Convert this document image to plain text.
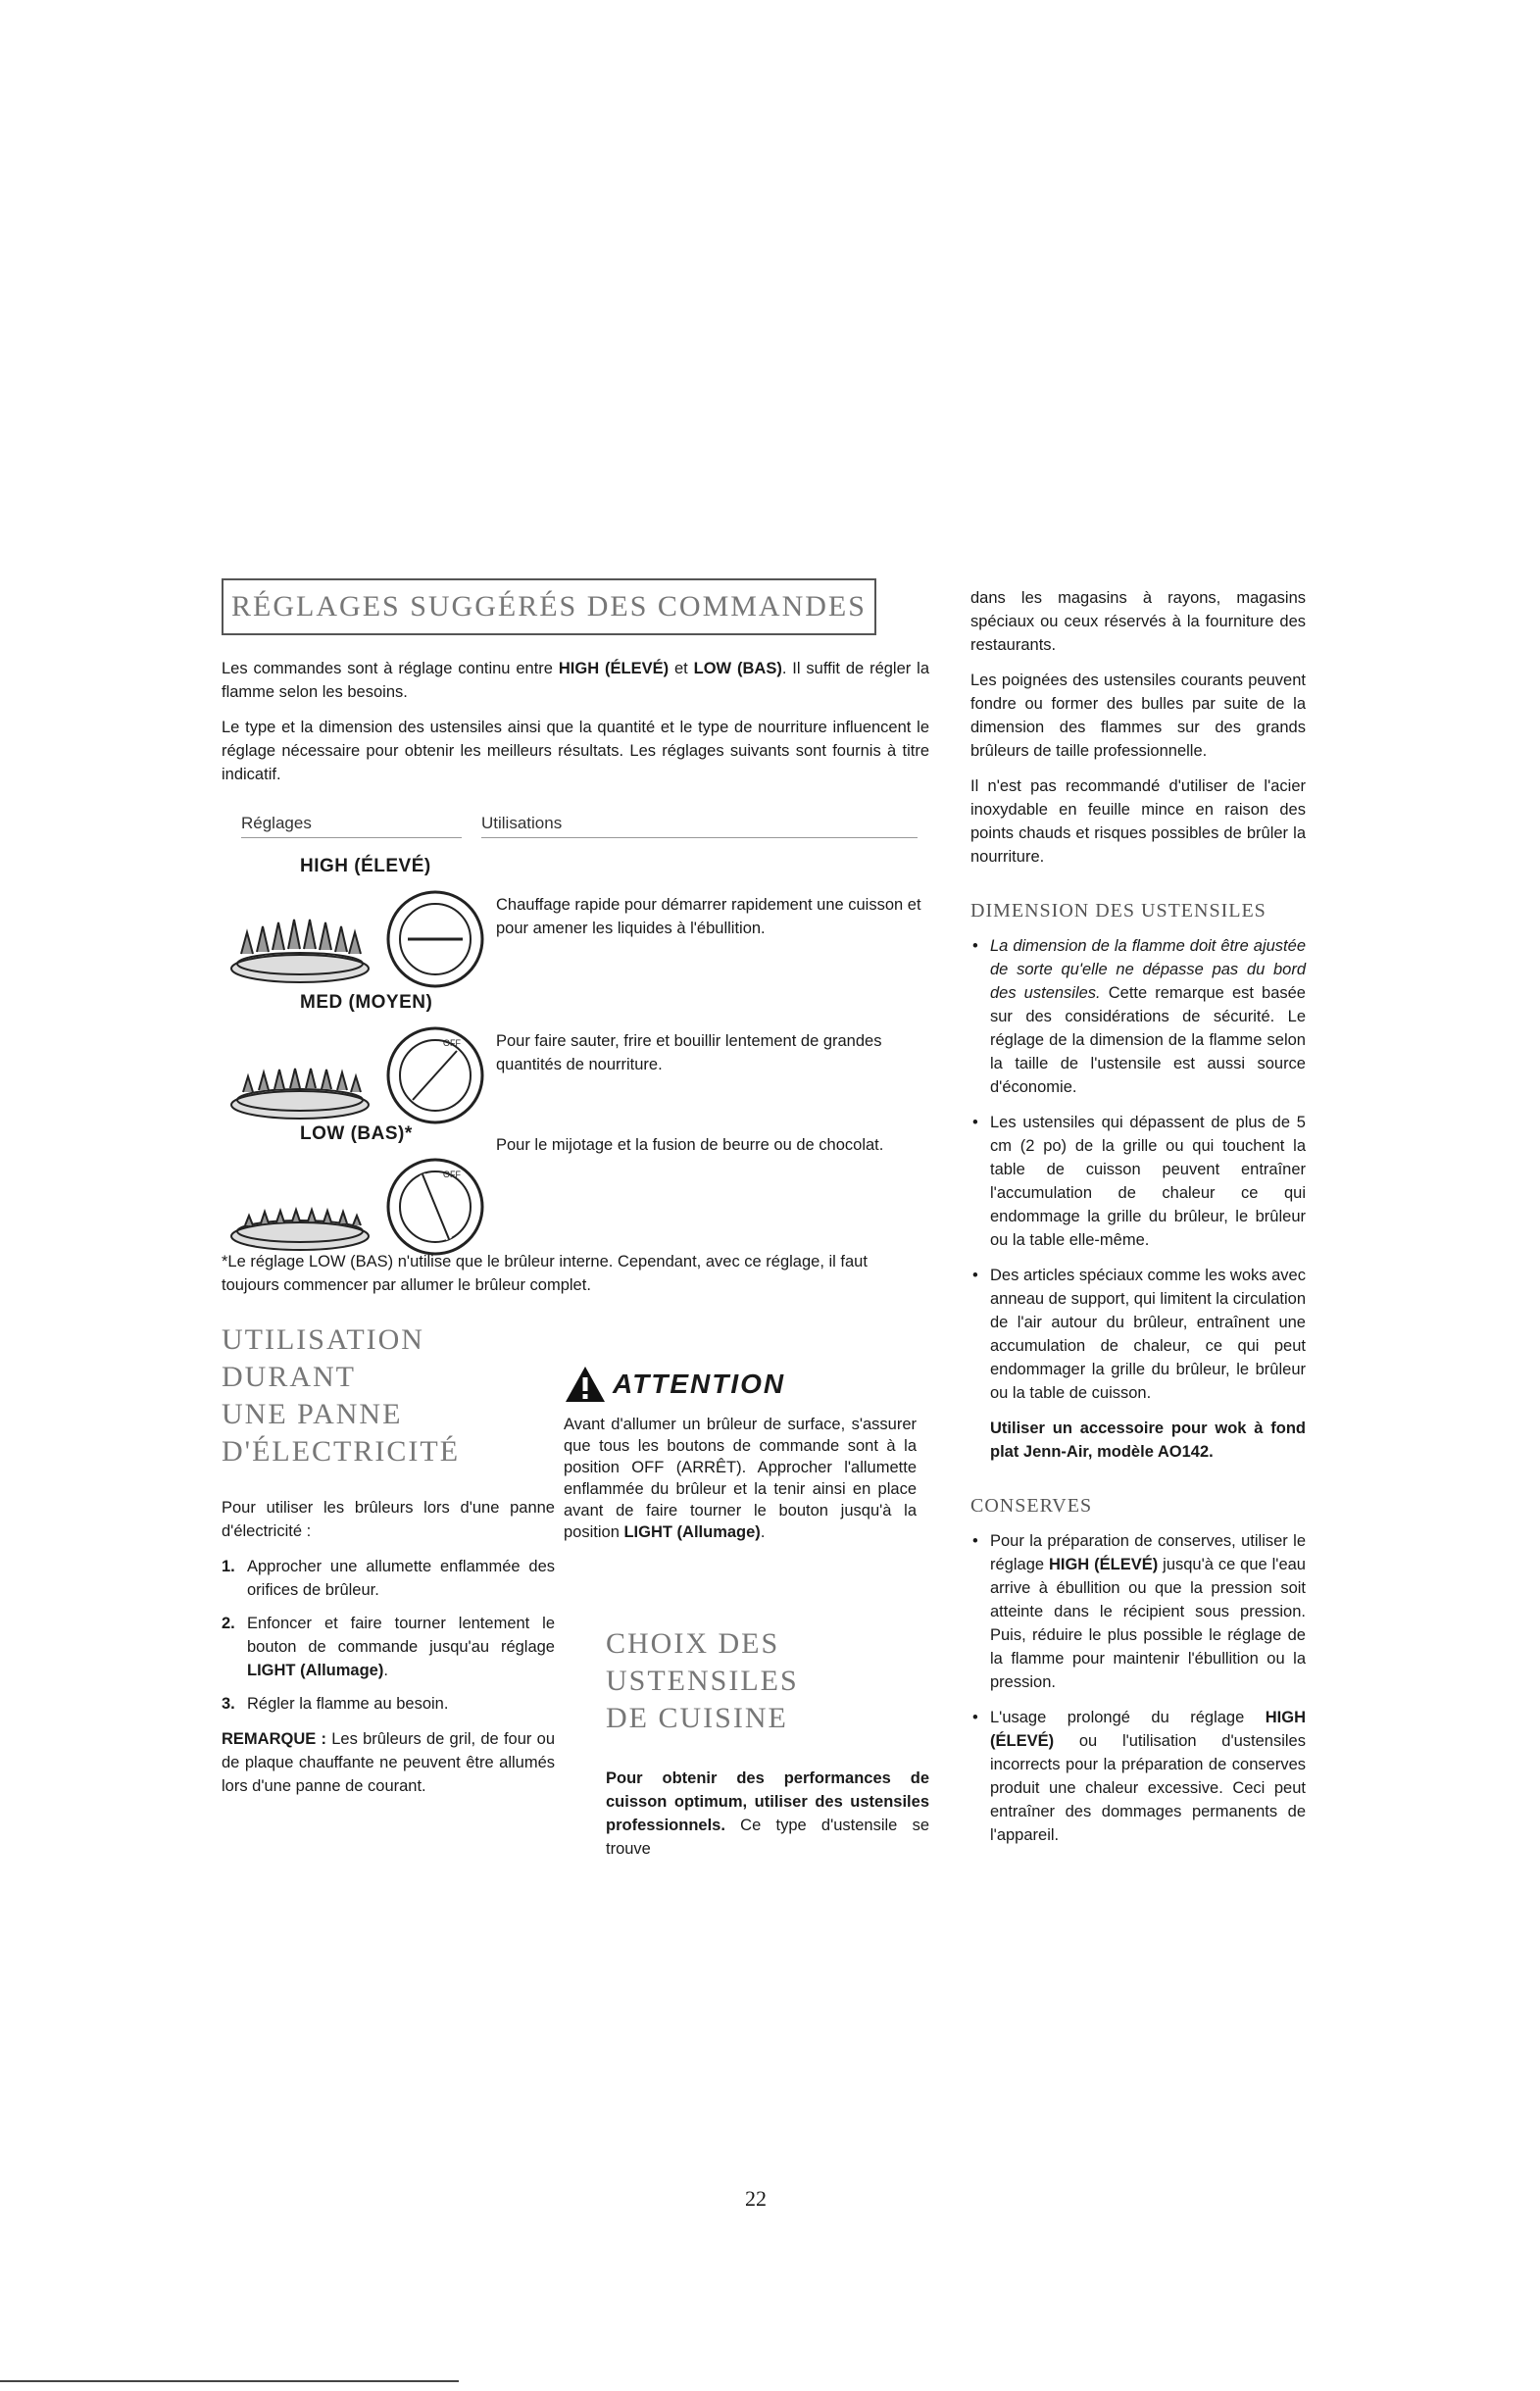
RÉGLAGES SUGGÉRÉS DES COMMANDES

Les commandes sont à réglage continu entre HIGH (ÉLEVÉ) et LOW (BAS). Il suffit de régler la flamme selon les besoins.

Le type et la dimension des ustensiles ainsi que la quantité et le type de nourriture influencent le réglage nécessaire pour obtenir les meilleurs résultats. Les réglages suivants sont fournis à titre indicatif.

Réglages	Utilisations
HIGH (ÉLEVÉ)
Chauffage rapide pour démarrer rapidement une cuisson et pour amener les liquides à l'ébullition.
MED (MOYEN)
OFF Pour faire sauter, frire et bouillir lentement de grandes quantités de nourriture.
LOW (BAS)*
OFF
Pour le mijotage et la fusion de beurre ou de chocolat.

*Le réglage LOW (BAS) n'utilise que le brûleur interne. Cependant, avec ce réglage, il faut toujours commencer par allumer le brûleur complet.

UTILISATION DURANT
UNE PANNE
D'ÉLECTRICITÉ

Pour utiliser les brûleurs lors d'une panne d'électricité :

1. Approcher une allumette enflammée des orifices de brûleur.
2. Enfoncer et faire tourner lentement le bouton de commande jusqu'au réglage LIGHT (Allumage).
3. Régler la flamme au besoin.

REMARQUE : Les brûleurs de gril, de four ou de plaque chauffante ne peuvent être allumés lors d'une panne de courant.

ATTENTION

Avant d'allumer un brûleur de surface, s'assurer que tous les boutons de commande sont à la position OFF (ARRÊT). Approcher l'allumette enflammée du brûleur et la tenir ainsi en place avant de faire tourner le bouton jusqu'à la position LIGHT (Allumage).

CHOIX DES USTENSILES
DE CUISINE

Pour obtenir des performances de cuisson optimum, utiliser des ustensiles professionnels. Ce type d'ustensile se trouve

dans les magasins à rayons, magasins spéciaux ou ceux réservés à la fourniture des restaurants.

Les poignées des ustensiles courants peuvent fondre ou former des bulles par suite de la dimension des flammes sur des grands brûleurs de taille professionnelle.

Il n'est pas recommandé d'utiliser de l'acier inoxydable en feuille mince en raison des points chauds et risques possibles de brûler la nourriture.

DIMENSION DES USTENSILES
• La dimension de la flamme doit être ajustée de sorte qu'elle ne dépasse pas du bord des ustensiles. Cette remarque est basée sur des considérations de sécurité. Le réglage de la dimension de la flamme selon la taille de l'ustensile est aussi source d'économie.
• Les ustensiles qui dépassent de plus de 5 cm (2 po) de la grille ou qui touchent la table de cuisson peuvent entraîner l'accumulation de chaleur ce qui endommage la grille du brûleur, le brûleur ou la table elle-même.
• Des articles spéciaux comme les woks avec anneau de support, qui limitent la circulation de l'air autour du brûleur, entraînent une accumulation de chaleur, ce qui peut endommager la grille du brûleur, le brûleur ou la table de cuisson.

Utiliser un accessoire pour wok à fond plat Jenn-Air, modèle AO142.

CONSERVES
• Pour la préparation de conserves, utiliser le réglage HIGH (ÉLEVÉ) jusqu'à ce que l'eau arrive à ébullition ou que la pression soit atteinte dans le récipient sous pression. Puis, réduire le plus possible le réglage de la flamme pour maintenir l'ébullition ou la pression.
• L'usage prolongé du réglage HIGH (ÉLEVÉ) ou l'utilisation d'ustensiles incorrects pour la préparation de conserves produit une chaleur excessive. Ceci peut entraîner des dommages permanents de l'appareil.
22
